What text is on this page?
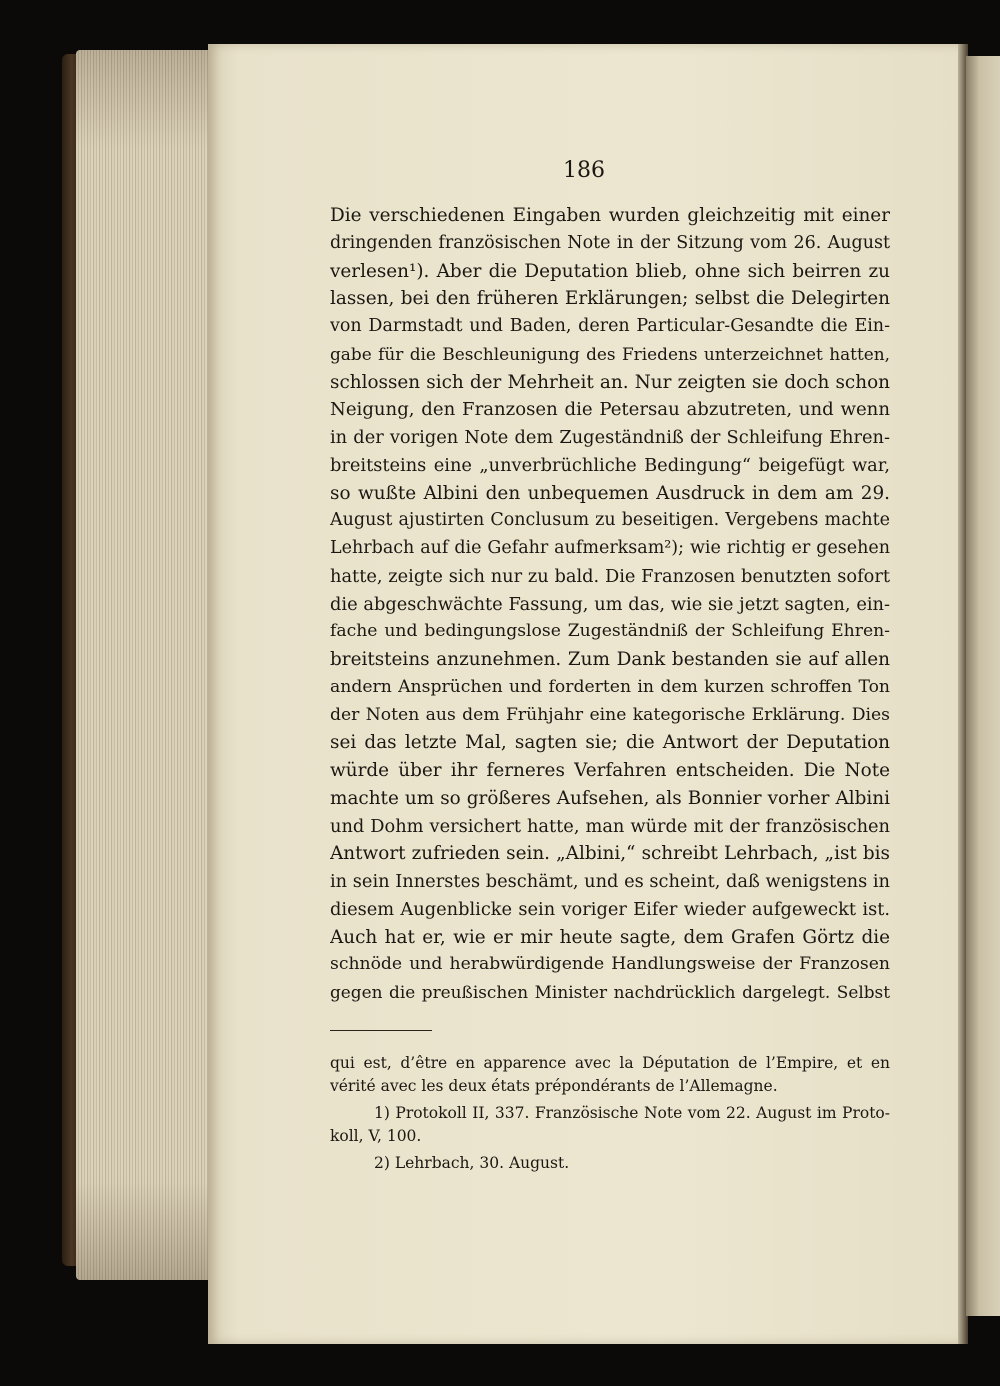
186
Die verschiedenen Eingaben wurden gleichzeitig mit einer
dringenden französischen Note in der Sitzung vom 26. August
verlesen¹). Aber die Deputation blieb, ohne sich beirren zu
lassen, bei den früheren Erklärungen; selbst die Delegirten
von Darmstadt und Baden, deren Particular-Gesandte die Ein-
gabe für die Beschleunigung des Friedens unterzeichnet hatten,
schlossen sich der Mehrheit an. Nur zeigten sie doch schon
Neigung, den Franzosen die Petersau abzutreten, und wenn
in der vorigen Note dem Zugeständniß der Schleifung Ehren-
breitsteins eine „unverbrüchliche Bedingung“ beigefügt war,
so wußte Albini den unbequemen Ausdruck in dem am 29.
August ajustirten Conclusum zu beseitigen. Vergebens machte
Lehrbach auf die Gefahr aufmerksam²); wie richtig er gesehen
hatte, zeigte sich nur zu bald. Die Franzosen benutzten sofort
die abgeschwächte Fassung, um das, wie sie jetzt sagten, ein-
fache und bedingungslose Zugeständniß der Schleifung Ehren-
breitsteins anzunehmen. Zum Dank bestanden sie auf allen
andern Ansprüchen und forderten in dem kurzen schroffen Ton
der Noten aus dem Frühjahr eine kategorische Erklärung. Dies
sei das letzte Mal, sagten sie; die Antwort der Deputation
würde über ihr ferneres Verfahren entscheiden. Die Note
machte um so größeres Aufsehen, als Bonnier vorher Albini
und Dohm versichert hatte, man würde mit der französischen
Antwort zufrieden sein. „Albini,“ schreibt Lehrbach, „ist bis
in sein Innerstes beschämt, und es scheint, daß wenigstens in
diesem Augenblicke sein voriger Eifer wieder aufgeweckt ist.
Auch hat er, wie er mir heute sagte, dem Grafen Görtz die
schnöde und herabwürdigende Handlungsweise der Franzosen
gegen die preußischen Minister nachdrücklich dargelegt. Selbst
qui est, d’être en apparence avec la Députation de l’Empire, et en
vérité avec les deux états prépondérants de l’Allemagne.
1) Protokoll II, 337. Französische Note vom 22. August im Proto-
koll, V, 100.
2) Lehrbach, 30. August.
